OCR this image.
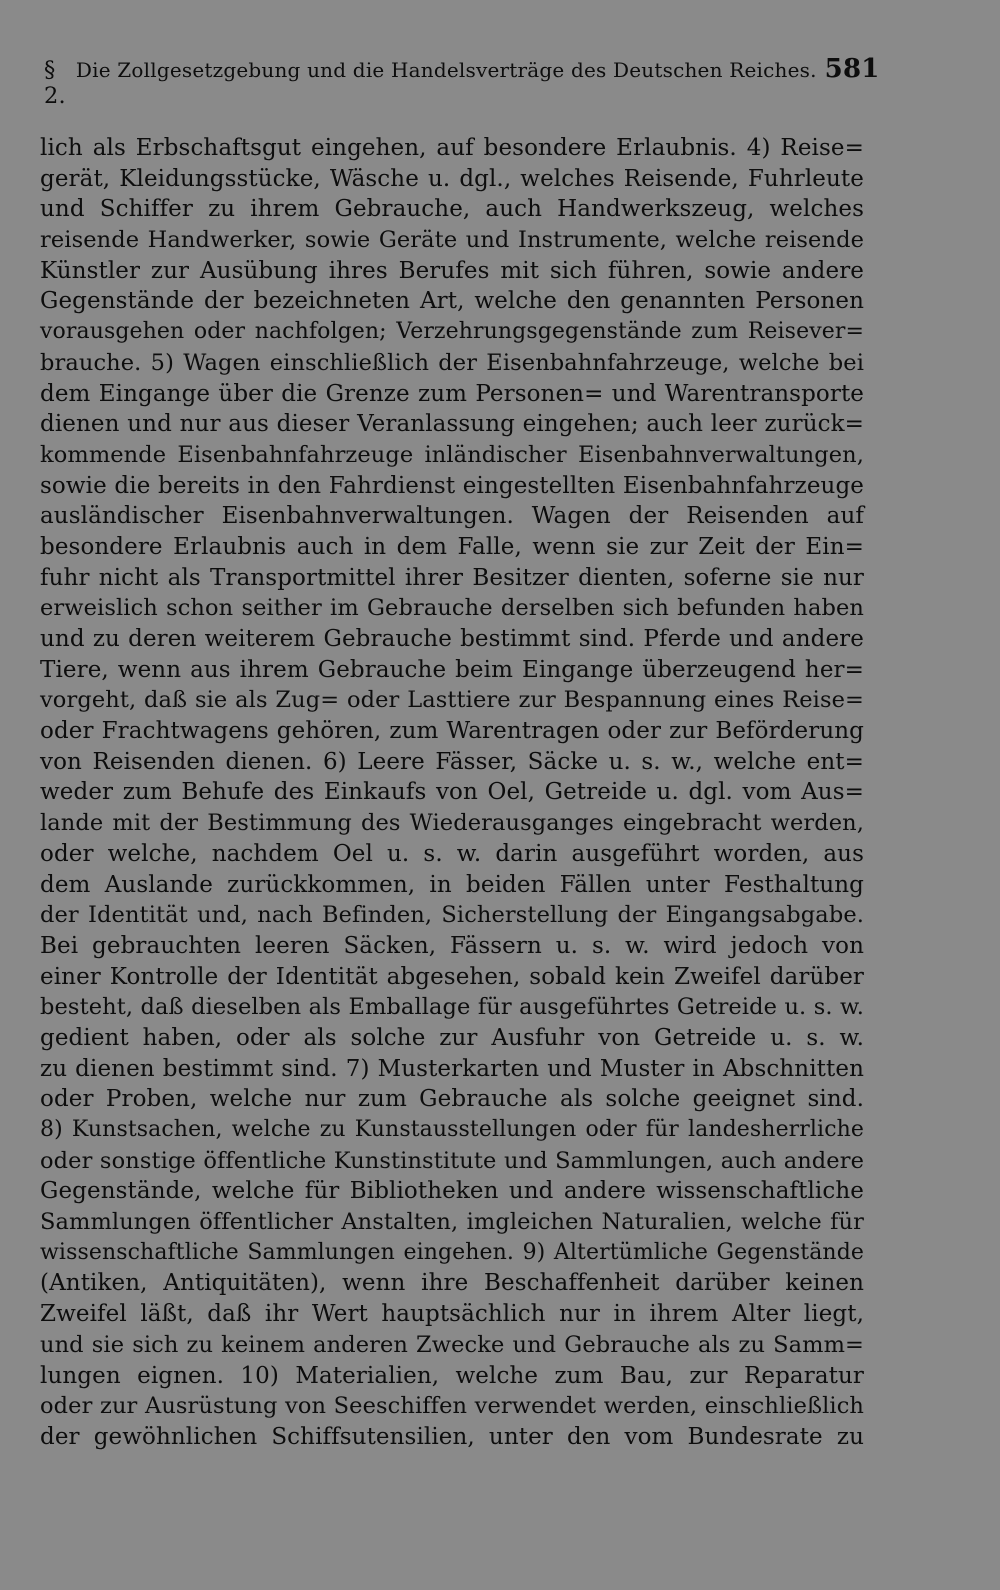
§ 2.
Die Zollgesetzgebung und die Handelsverträge des Deutschen Reiches. 581
lich als Erbschaftsgut eingehen, auf besondere Erlaubnis. 4) Reise=
gerät, Kleidungsstücke, Wäsche u. dgl., welches Reisende, Fuhrleute
und Schiffer zu ihrem Gebrauche, auch Handwerkszeug, welches
reisende Handwerker, sowie Geräte und Instrumente, welche reisende
Künstler zur Ausübung ihres Berufes mit sich führen, sowie andere
Gegenstände der bezeichneten Art, welche den genannten Personen
vorausgehen oder nachfolgen; Verzehrungsgegenstände zum Reisever=
brauche. 5) Wagen einschließlich der Eisenbahnfahrzeuge, welche bei
dem Eingange über die Grenze zum Personen= und Warentransporte
dienen und nur aus dieser Veranlassung eingehen; auch leer zurück=
kommende Eisenbahnfahrzeuge inländischer Eisenbahnverwaltungen,
sowie die bereits in den Fahrdienst eingestellten Eisenbahnfahrzeuge
ausländischer Eisenbahnverwaltungen. Wagen der Reisenden auf
besondere Erlaubnis auch in dem Falle, wenn sie zur Zeit der Ein=
fuhr nicht als Transportmittel ihrer Besitzer dienten, soferne sie nur
erweislich schon seither im Gebrauche derselben sich befunden haben
und zu deren weiterem Gebrauche bestimmt sind. Pferde und andere
Tiere, wenn aus ihrem Gebrauche beim Eingange überzeugend her=
vorgeht, daß sie als Zug= oder Lasttiere zur Bespannung eines Reise=
oder Frachtwagens gehören, zum Warentragen oder zur Beförderung
von Reisenden dienen. 6) Leere Fässer, Säcke u. s. w., welche ent=
weder zum Behufe des Einkaufs von Oel, Getreide u. dgl. vom Aus=
lande mit der Bestimmung des Wiederausganges eingebracht werden,
oder welche, nachdem Oel u. s. w. darin ausgeführt worden, aus
dem Auslande zurückkommen, in beiden Fällen unter Festhaltung
der Identität und, nach Befinden, Sicherstellung der Eingangsabgabe.
Bei gebrauchten leeren Säcken, Fässern u. s. w. wird jedoch von
einer Kontrolle der Identität abgesehen, sobald kein Zweifel darüber
besteht, daß dieselben als Emballage für ausgeführtes Getreide u. s. w.
gedient haben, oder als solche zur Ausfuhr von Getreide u. s. w.
zu dienen bestimmt sind. 7) Musterkarten und Muster in Abschnitten
oder Proben, welche nur zum Gebrauche als solche geeignet sind.
8) Kunstsachen, welche zu Kunstausstellungen oder für landesherrliche
oder sonstige öffentliche Kunstinstitute und Sammlungen, auch andere
Gegenstände, welche für Bibliotheken und andere wissenschaftliche
Sammlungen öffentlicher Anstalten, imgleichen Naturalien, welche für
wissenschaftliche Sammlungen eingehen. 9) Altertümliche Gegenstände
(Antiken, Antiquitäten), wenn ihre Beschaffenheit darüber keinen
Zweifel läßt, daß ihr Wert hauptsächlich nur in ihrem Alter liegt,
und sie sich zu keinem anderen Zwecke und Gebrauche als zu Samm=
lungen eignen. 10) Materialien, welche zum Bau, zur Reparatur
oder zur Ausrüstung von Seeschiffen verwendet werden, einschließlich
der gewöhnlichen Schiffsutensilien, unter den vom Bundesrate zu
